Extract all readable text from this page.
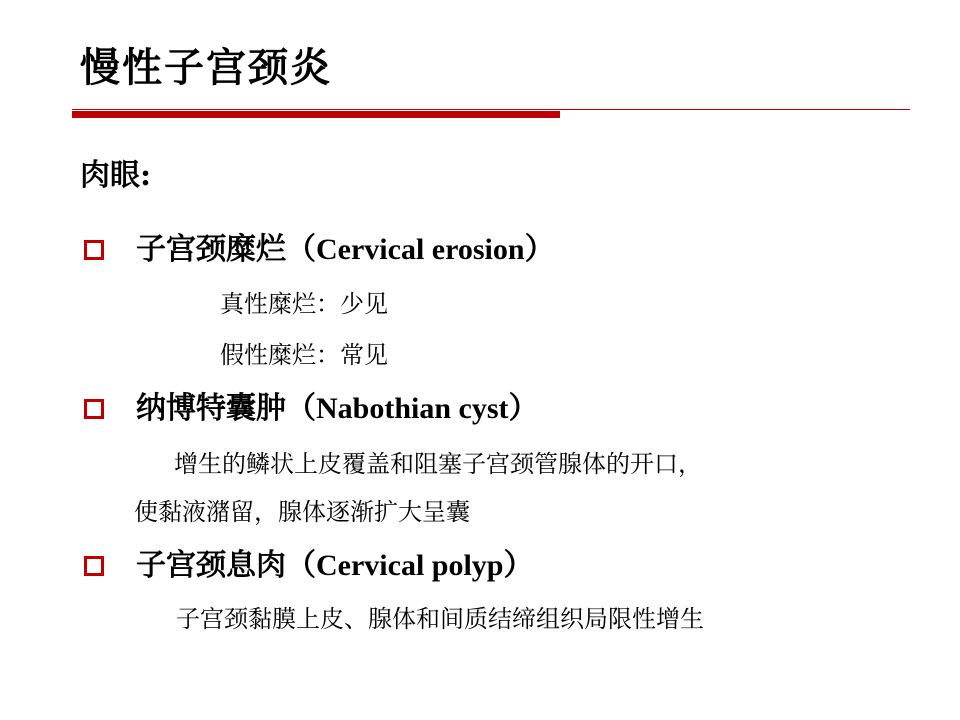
慢性子宫颈炎
肉眼:
子宫颈糜烂（Cervical erosion）
真性糜烂：少见
假性糜烂：常见
纳博特囊肿（Nabothian cyst）
增生的鳞状上皮覆盖和阻塞子宫颈管腺体的开口，
使黏液潴留，腺体逐渐扩大呈囊
子宫颈息肉（Cervical polyp）
子宫颈黏膜上皮、腺体和间质结缔组织局限性增生
